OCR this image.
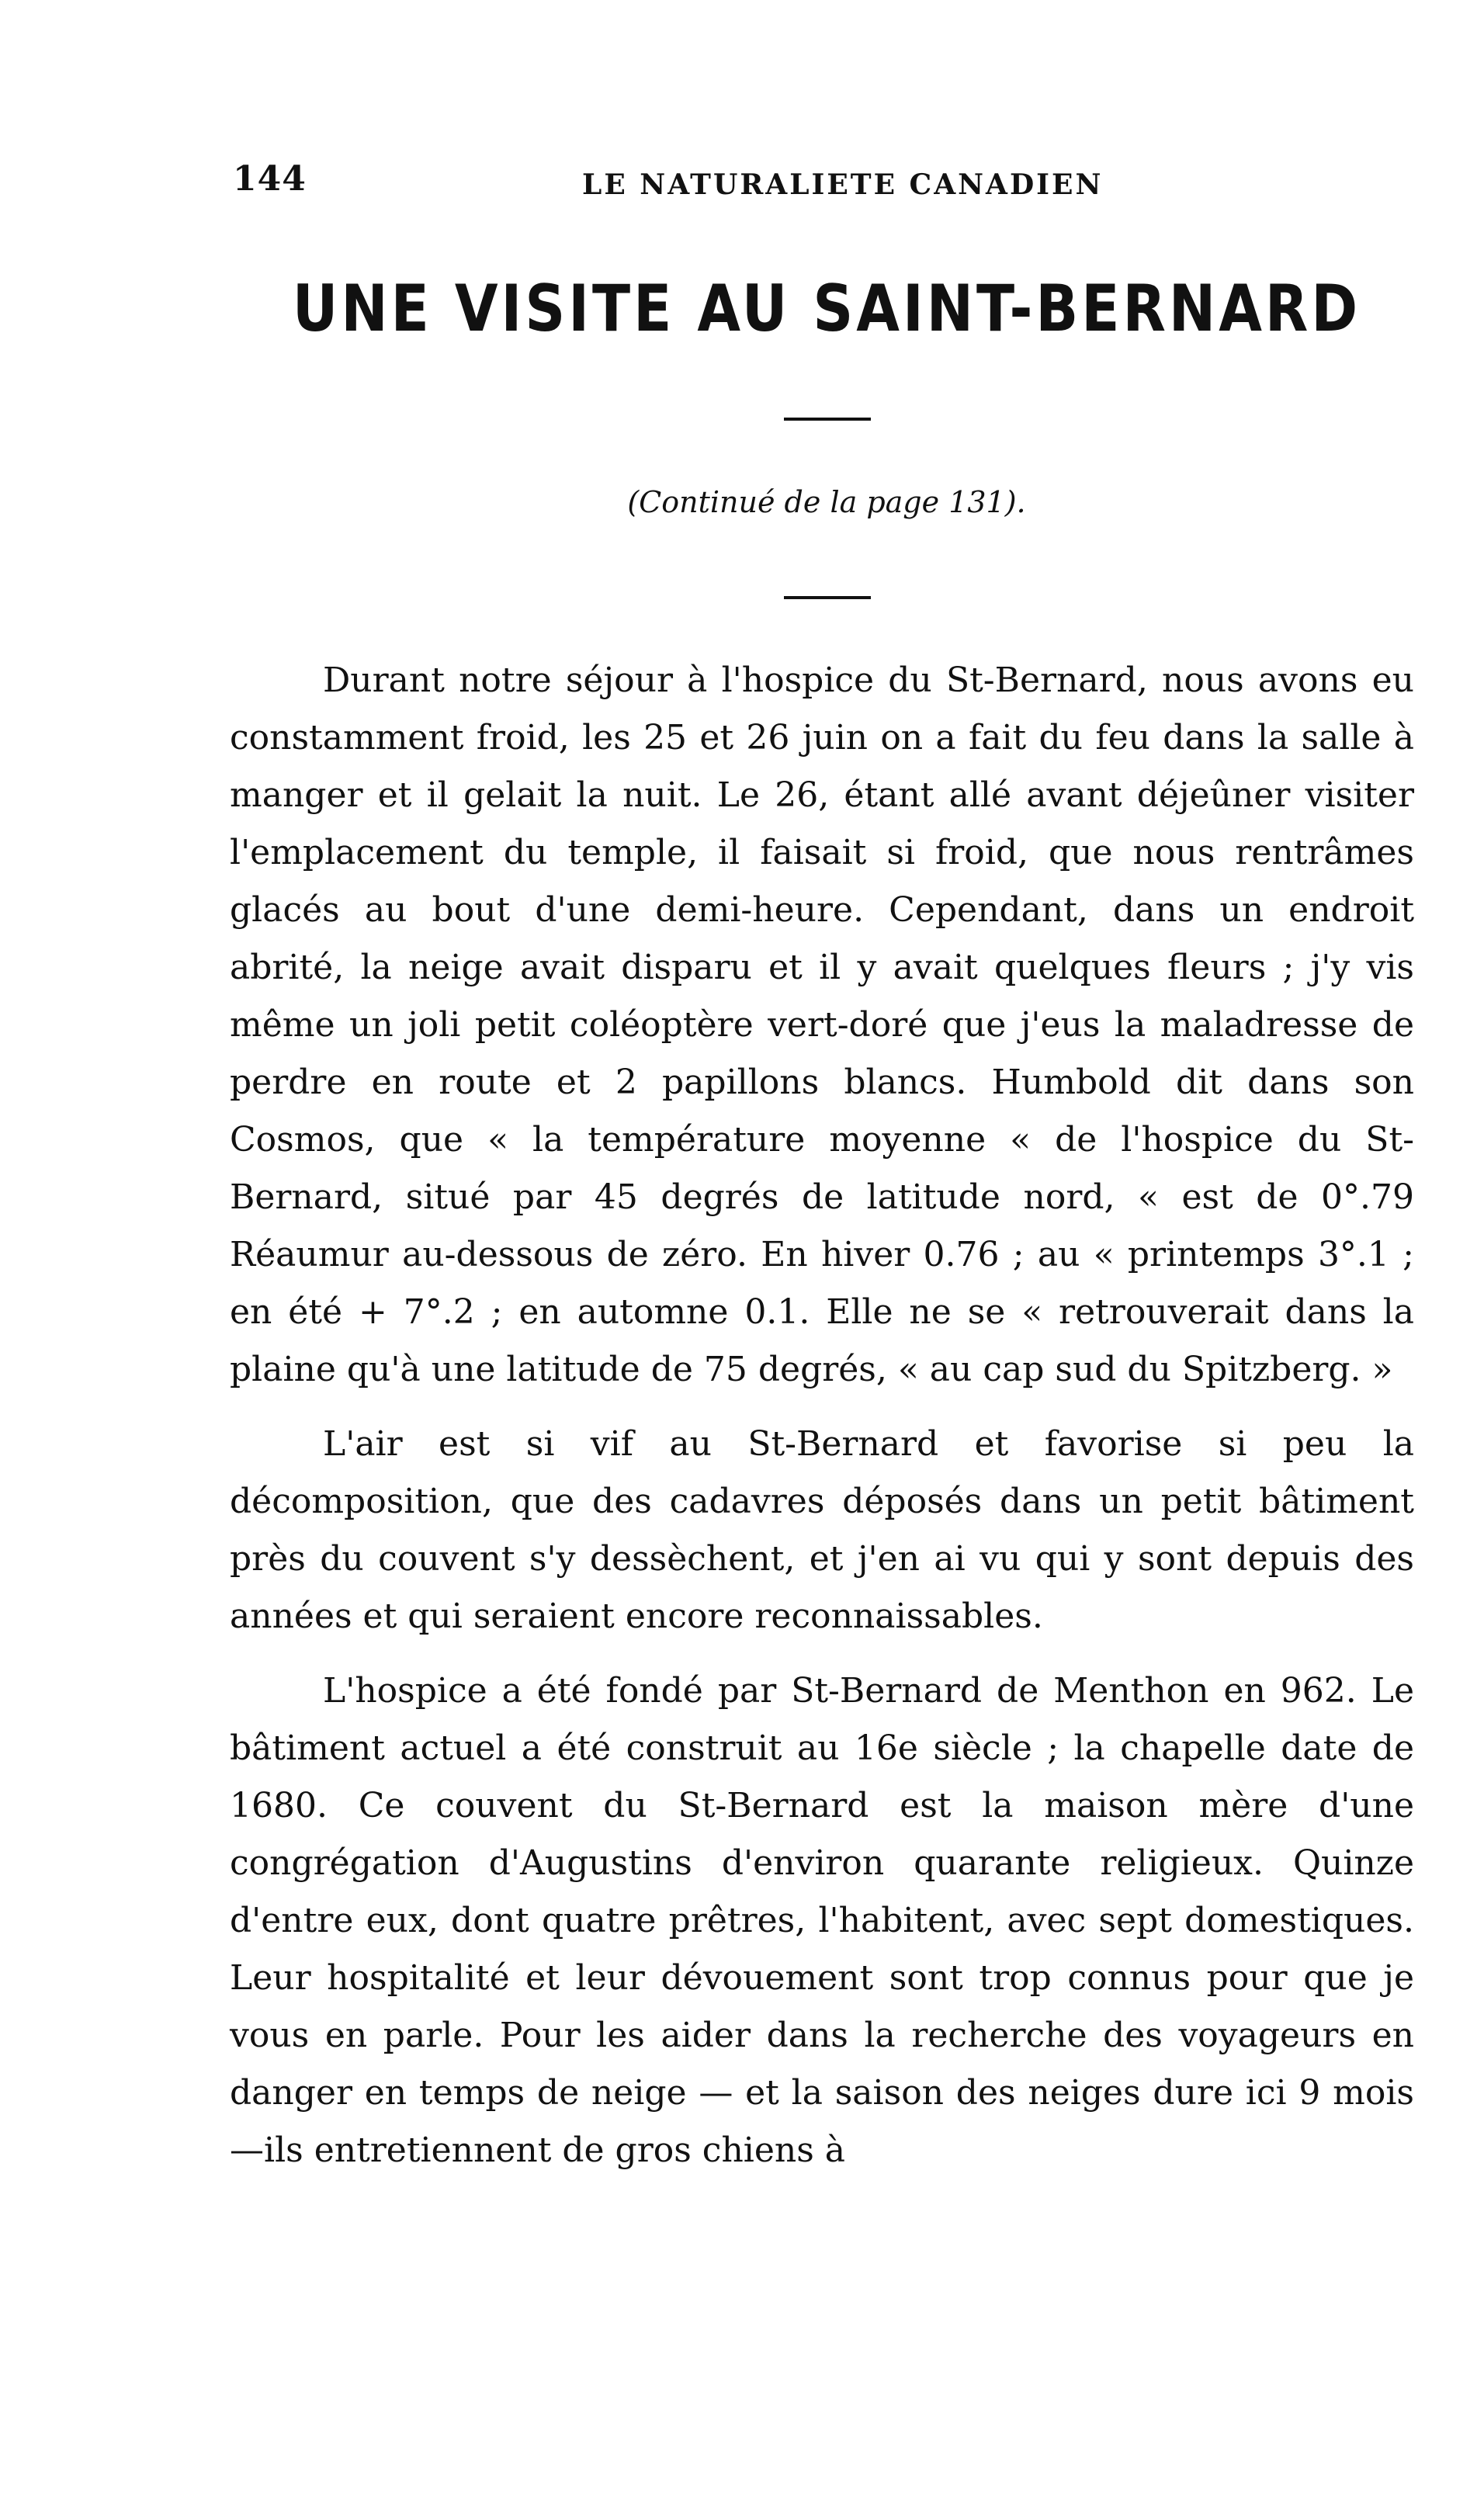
144	LE NATURALIETE CANADIEN
UNE VISITE AU SAINT-BERNARD
(Continué de la page 131).

Durant notre séjour à l'hospice du St-Bernard, nous avons eu constamment froid, les 25 et 26 juin on a fait du feu dans la salle à manger et il gelait la nuit. Le 26, étant allé avant déjeûner visiter l'emplacement du temple, il faisait si froid, que nous rentrâmes glacés au bout d'une demi-heure. Cependant, dans un endroit abrité, la neige avait disparu et il y avait quelques fleurs ; j'y vis même un joli petit coléoptère vert-doré que j'eus la maladresse de perdre en route et 2 papillons blancs. Humbold dit dans son Cosmos, que « la température moyenne « de l'hospice du St-Bernard, situé par 45 degrés de latitude nord, « est de 0°.79 Réaumur au-dessous de zéro. En hiver 0.76 ; au « printemps 3°.1 ; en été + 7°.2 ; en automne 0.1. Elle ne se « retrouverait dans la plaine qu'à une latitude de 75 degrés, « au cap sud du Spitzberg. »

L'air est si vif au St-Bernard et favorise si peu la décomposition, que des cadavres déposés dans un petit bâtiment près du couvent s'y dessèchent, et j'en ai vu qui y sont depuis des années et qui seraient encore reconnaissables.

L'hospice a été fondé par St-Bernard de Menthon en 962. Le bâtiment actuel a été construit au 16e siècle ; la chapelle date de 1680. Ce couvent du St-Bernard est la maison mère d'une congrégation d'Augustins d'environ quarante religieux. Quinze d'entre eux, dont quatre prêtres, l'habitent, avec sept domestiques. Leur hospitalité et leur dévouement sont trop connus pour que je vous en parle. Pour les aider dans la recherche des voyageurs en danger en temps de neige — et la saison des neiges dure ici 9 mois—ils entretiennent de gros chiens à
